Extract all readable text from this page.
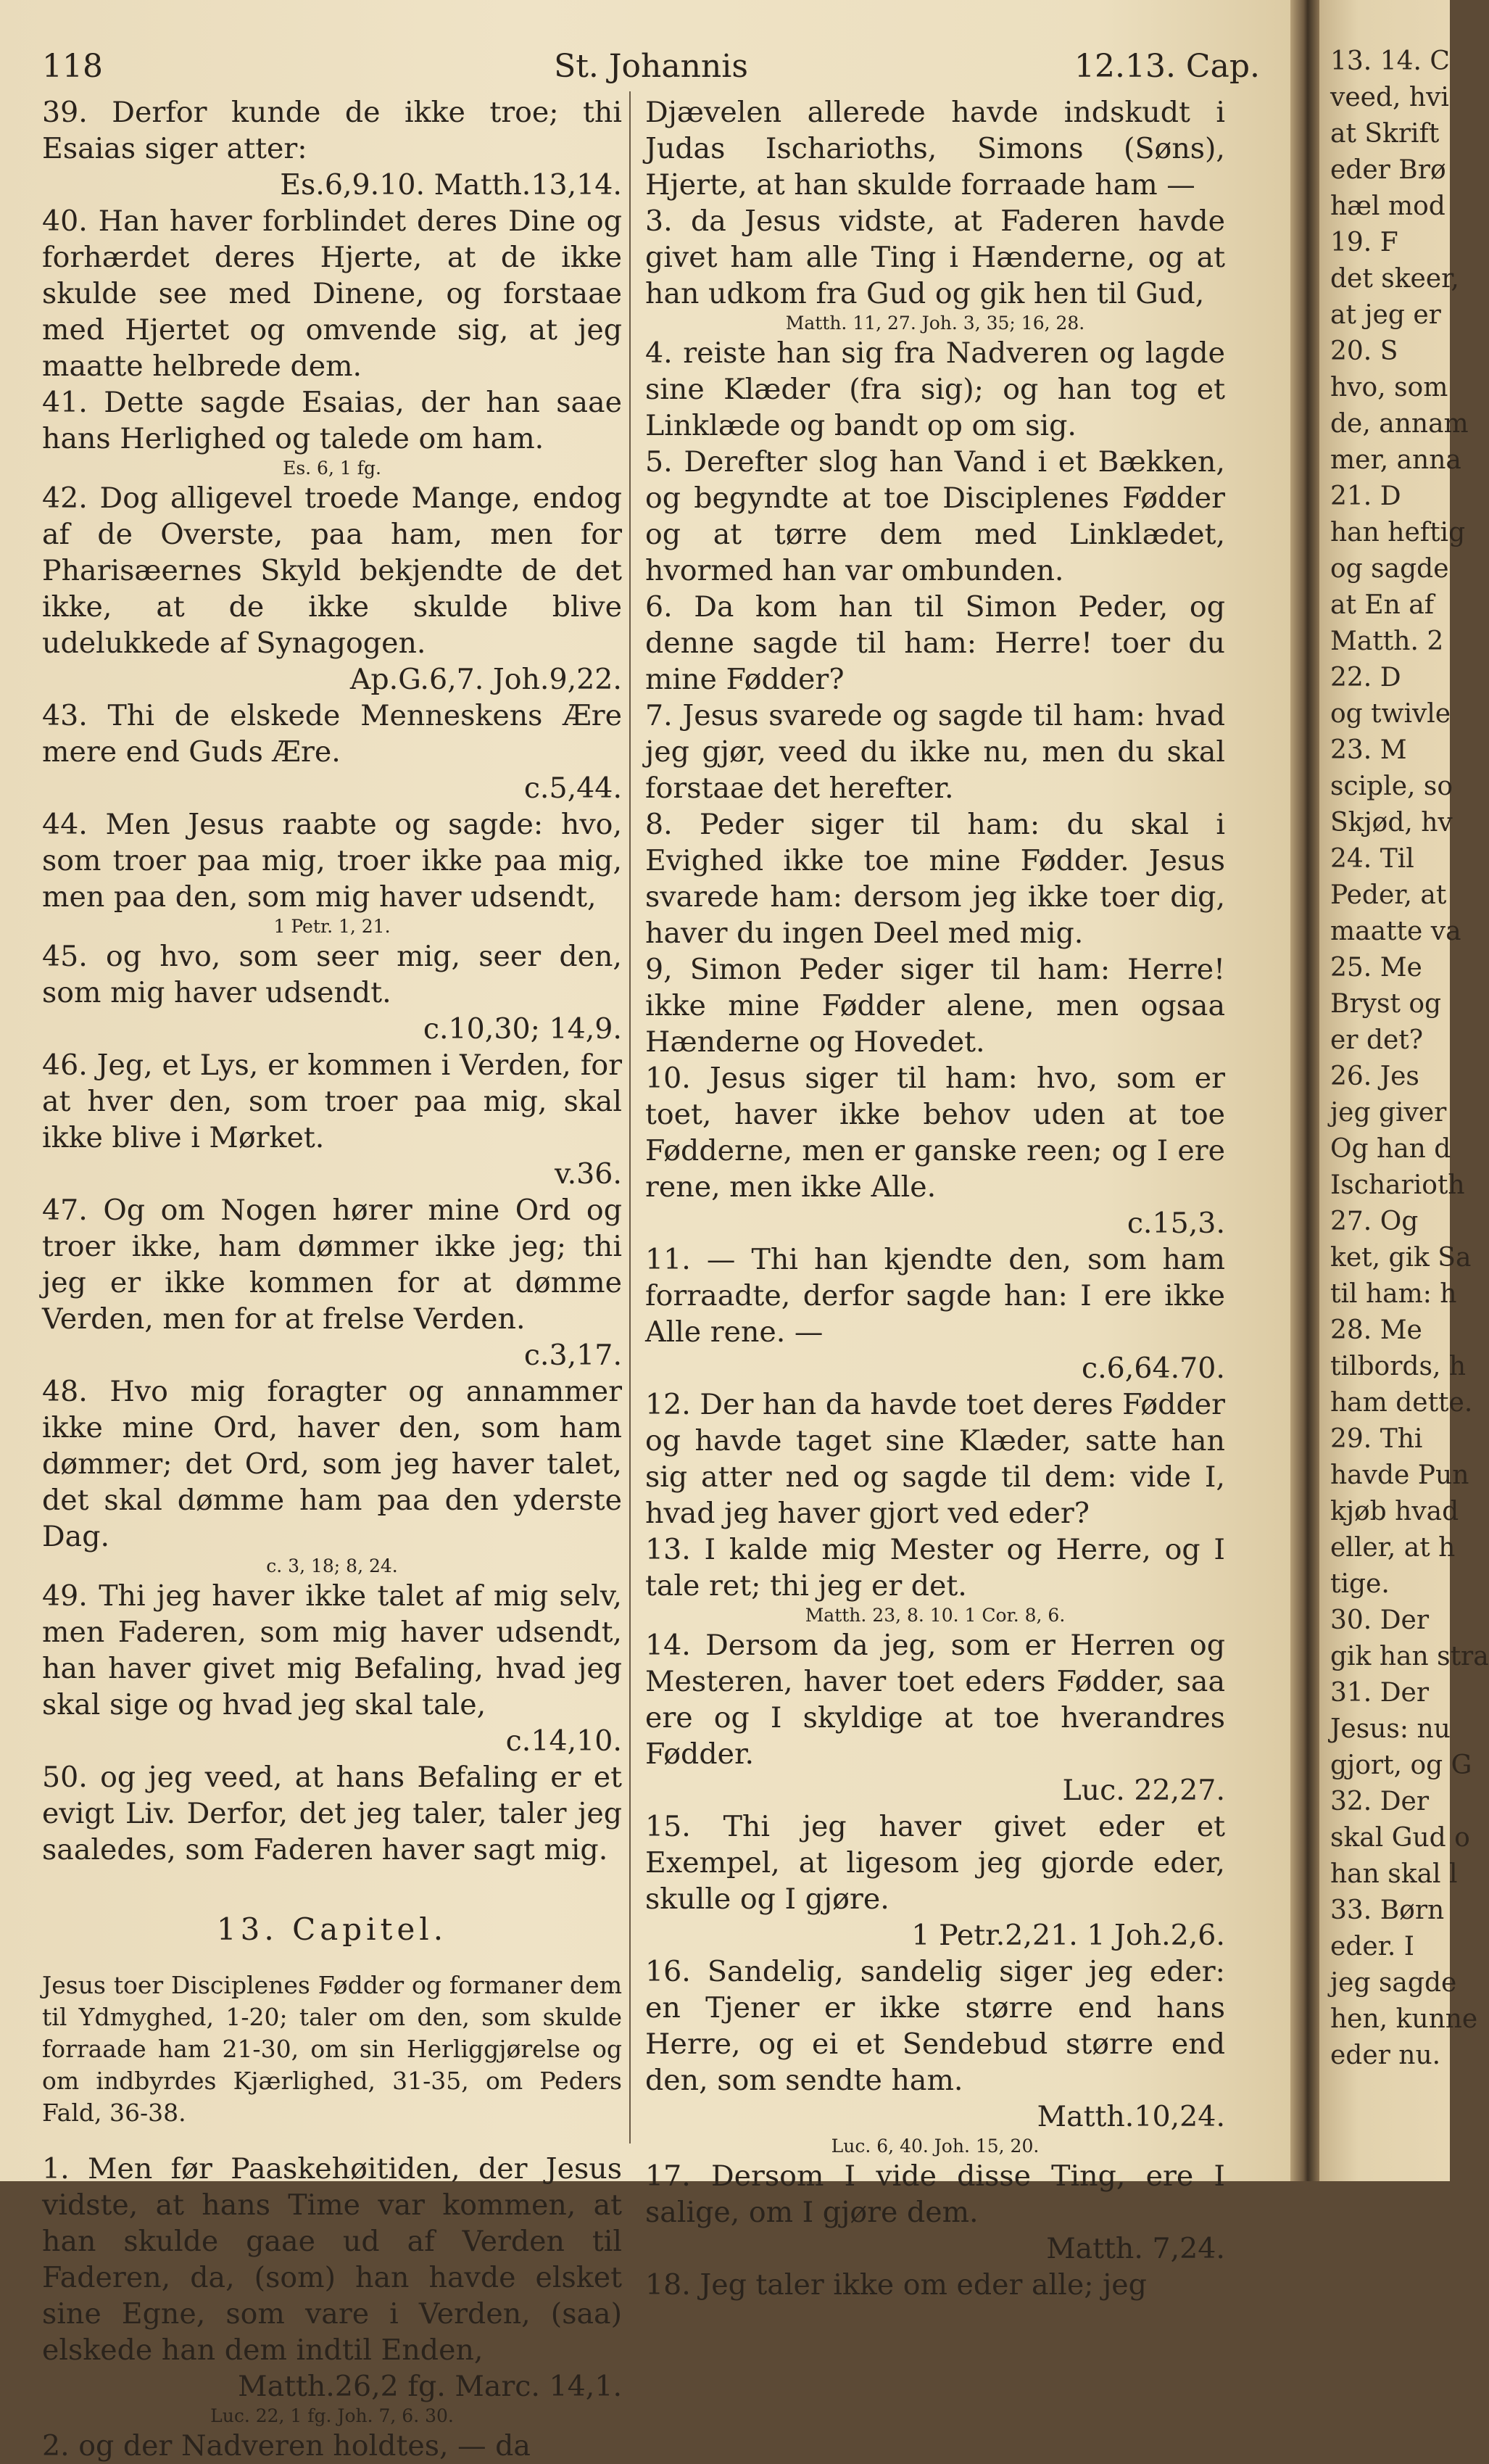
118	St. Johannis	12.13. Cap.

39. Derfor kunde de ikke troe; thi Esaias siger atter:
Es.6,9.10. Matth.13,14.

40. Han haver forblindet deres Dine og forhærdet deres Hjerte, at de ikke skulde see med Dinene, og forstaae med Hjertet og omvende sig, at jeg maatte helbrede dem.

41. Dette sagde Esaias, der han saae hans Herlighed og talede om ham.

Es. 6, 1 fg.

42. Dog alligevel troede Mange, endog af de Overste, paa ham, men for Pharisæernes Skyld bekjendte de det ikke, at de ikke skulde blive udelukkede af Synagogen.
Ap.G.6,7. Joh.9,22.

43. Thi de elskede Menneskens Ære mere end Guds Ære.
c.5,44.

44. Men Jesus raabte og sagde: hvo, som troer paa mig, troer ikke paa mig, men paa den, som mig haver udsendt,

1 Petr. 1, 21.

45. og hvo, som seer mig, seer den, som mig haver udsendt.
c.10,30; 14,9.

46. Jeg, et Lys, er kommen i Verden, for at hver den, som troer paa mig, skal ikke blive i Mørket.
v.36.

47. Og om Nogen hører mine Ord og troer ikke, ham dømmer ikke jeg; thi jeg er ikke kommen for at dømme Verden, men for at frelse Verden.
c.3,17.

48. Hvo mig foragter og annammer ikke mine Ord, haver den, som ham dømmer; det Ord, som jeg haver talet, det skal dømme ham paa den yderste Dag.

c. 3, 18; 8, 24.

49. Thi jeg haver ikke talet af mig selv, men Faderen, som mig haver udsendt, han haver givet mig Befaling, hvad jeg skal sige og hvad jeg skal tale,
c.14,10.

50. og jeg veed, at hans Befaling er et evigt Liv. Derfor, det jeg taler, taler jeg saaledes, som Faderen haver sagt mig.

13. Capitel.

Jesus toer Disciplenes Fødder og formaner dem til Ydmyghed, 1-20; taler om den, som skulde forraade ham 21-30, om sin Herliggjørelse og om indbyrdes Kjærlighed, 31-35, om Peders Fald, 36-38.

1. Men før Paaskehøitiden, der Jesus vidste, at hans Time var kommen, at han skulde gaae ud af Verden til Faderen, da, (som) han havde elsket sine Egne, som vare i Verden, (saa) elskede han dem indtil Enden,
Matth.26,2 fg. Marc. 14,1.

Luc. 22, 1 fg. Joh. 7, 6. 30.

2. og der Nadveren holdtes, — da

Djævelen allerede havde indskudt i Judas Ischarioths, Simons (Søns), Hjerte, at han skulde forraade ham —

3. da Jesus vidste, at Faderen havde givet ham alle Ting i Hænderne, og at han udkom fra Gud og gik hen til Gud,

Matth. 11, 27. Joh. 3, 35; 16, 28.

4. reiste han sig fra Nadveren og lagde sine Klæder (fra sig); og han tog et Linklæde og bandt op om sig.

5. Derefter slog han Vand i et Bækken, og begyndte at toe Disciplenes Fødder og at tørre dem med Linklædet, hvormed han var ombunden.

6. Da kom han til Simon Peder, og denne sagde til ham: Herre! toer du mine Fødder?

7. Jesus svarede og sagde til ham: hvad jeg gjør, veed du ikke nu, men du skal forstaae det herefter.

8. Peder siger til ham: du skal i Evighed ikke toe mine Fødder. Jesus svarede ham: dersom jeg ikke toer dig, haver du ingen Deel med mig.

9, Simon Peder siger til ham: Herre! ikke mine Fødder alene, men ogsaa Hænderne og Hovedet.

10. Jesus siger til ham: hvo, som er toet, haver ikke behov uden at toe Fødderne, men er ganske reen; og I ere rene, men ikke Alle.
c.15,3.

11. — Thi han kjendte den, som ham forraadte, derfor sagde han: I ere ikke Alle rene. —
c.6,64.70.

12. Der han da havde toet deres Fødder og havde taget sine Klæder, satte han sig atter ned og sagde til dem: vide I, hvad jeg haver gjort ved eder?

13. I kalde mig Mester og Herre, og I tale ret; thi jeg er det.

Matth. 23, 8. 10. 1 Cor. 8, 6.

14. Dersom da jeg, som er Herren og Mesteren, haver toet eders Fødder, saa ere og I skyldige at toe hverandres Fødder.
Luc. 22,27.

15. Thi jeg haver givet eder et Exempel, at ligesom jeg gjorde eder, skulle og I gjøre.
1 Petr.2,21. 1 Joh.2,6.

16. Sandelig, sandelig siger jeg eder: en Tjener er ikke større end hans Herre, og ei et Sendebud større end den, som sendte ham.
Matth.10,24.

Luc. 6, 40. Joh. 15, 20.

17. Dersom I vide disse Ting, ere I salige, om I gjøre dem.
Matth. 7,24.

18. Jeg taler ikke om eder alle; jeg

13. 14. C
veed, hvi
at Skrift
eder Brø
hæl mod
19. F
det skeer,
at jeg er
20. S
hvo, som
de, annam
mer, anna
21. D
han heftig
og sagde
at En af
Matth. 2
22. D
og twivle
23. M
sciple, so
Skjød, hv
24. Til
Peder, at
maatte va
25. Me
Bryst og
er det?
26. Jes
jeg giver
Og han d
Ischarioth
27. Og
ket, gik Sa
til ham: h
28. Me
tilbords, h
ham dette.
29. Thi
havde Pun
kjøb hvad
eller, at h
tige.
30. Der
gik han stra
31. Der
Jesus: nu
gjort, og G
32. Der
skal Gud o
han skal l
33. Børn
eder. I
jeg sagde
hen, kunne
eder nu.
